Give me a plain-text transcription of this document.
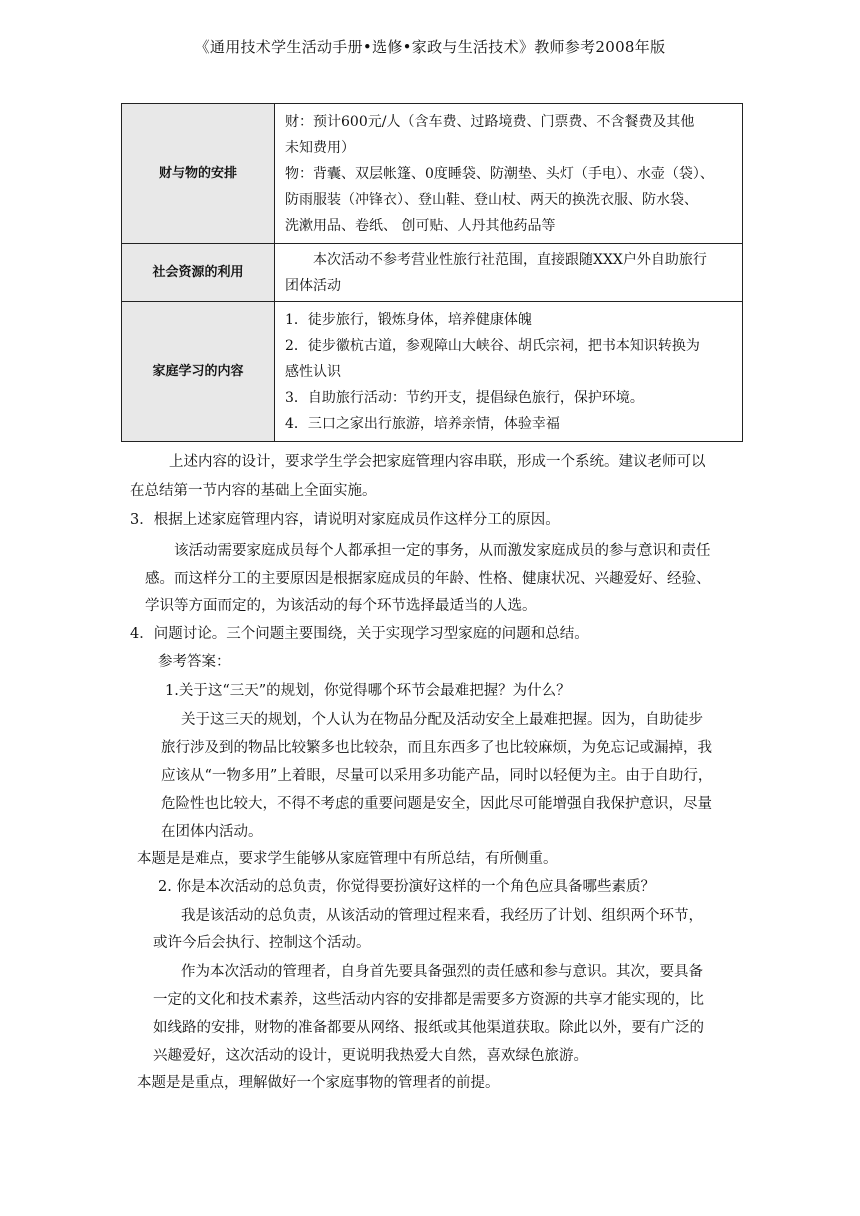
《通用技术学生活动手册•选修•家政与生活技术》教师参考2008年版
财与物的安排	财：预计600元/人（含车费、过路境费、门票费、不含餐费及其他

未知费用）

物：背囊、双层帐篷、0度睡袋、防潮垫、头灯（手电）、水壶（袋）、

防雨服装（冲锋衣）、登山鞋、登山杖、两天的换洗衣服、防水袋、

洗漱用品、卷纸、 创可贴、人丹其他药品等

社会资源的利用	本次活动不参考营业性旅行社范围，直接跟随XXX户外自助旅行

团体活动

家庭学习的内容	1．徒步旅行，锻炼身体，培养健康体魄

2．徒步徽杭古道，参观障山大峡谷、胡氏宗祠，把书本知识转换为

感性认识

3．自助旅行活动：节约开支，提倡绿色旅行，保护环境。

4．三口之家出行旅游，培养亲情，体验幸福

上述内容的设计，要求学生学会把家庭管理内容串联，形成一个系统。建议老师可以
在总结第一节内容的基础上全面实施。
3．根据上述家庭管理内容，请说明对家庭成员作这样分工的原因。
该活动需要家庭成员每个人都承担一定的事务，从而激发家庭成员的参与意识和责任
感。而这样分工的主要原因是根据家庭成员的年龄、性格、健康状况、兴趣爱好、经验、
学识等方面而定的，为该活动的每个环节选择最适当的人选。
4．问题讨论。三个问题主要围绕，关于实现学习型家庭的问题和总结。
参考答案：
1.关于这“三天”的规划，你觉得哪个环节会最难把握？为什么？
关于这三天的规划，个人认为在物品分配及活动安全上最难把握。因为，自助徒步
旅行涉及到的物品比较繁多也比较杂，而且东西多了也比较麻烦，为免忘记或漏掉，我
应该从“一物多用”上着眼，尽量可以采用多功能产品，同时以轻便为主。由于自助行，
危险性也比较大，不得不考虑的重要问题是安全，因此尽可能增强自我保护意识，尽量
在团体内活动。
本题是是难点，要求学生能够从家庭管理中有所总结，有所侧重。
2. 你是本次活动的总负责，你觉得要扮演好这样的一个角色应具备哪些素质？
我是该活动的总负责，从该活动的管理过程来看，我经历了计划、组织两个环节，
或许今后会执行、控制这个活动。
作为本次活动的管理者，自身首先要具备强烈的责任感和参与意识。其次，要具备
一定的文化和技术素养，这些活动内容的安排都是需要多方资源的共享才能实现的，比
如线路的安排，财物的准备都要从网络、报纸或其他渠道获取。除此以外，要有广泛的
兴趣爱好，这次活动的设计，更说明我热爱大自然，喜欢绿色旅游。
本题是是重点，理解做好一个家庭事物的管理者的前提。
